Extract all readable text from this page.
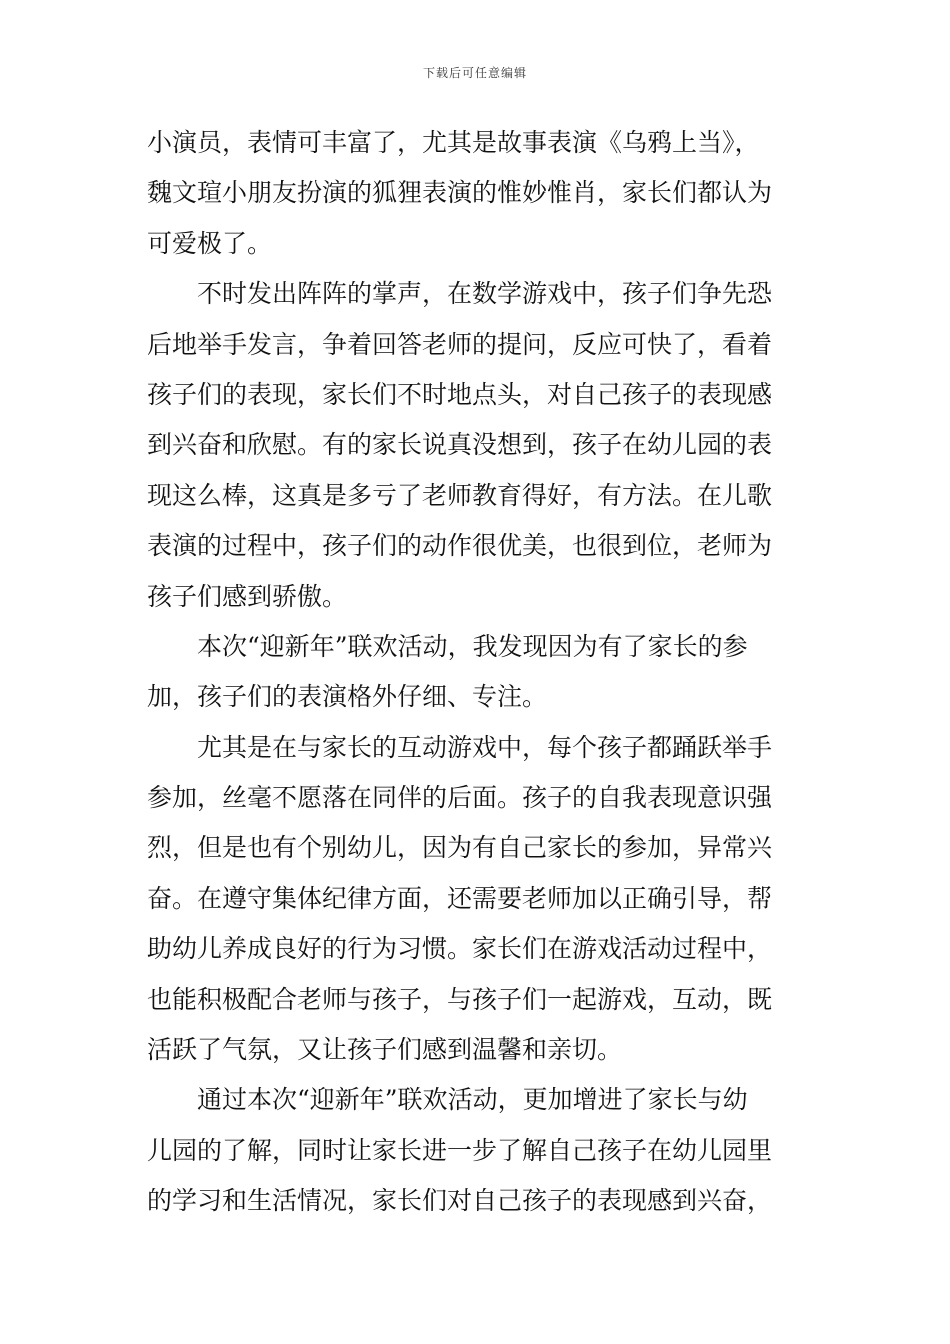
下载后可任意编辑
小演员，表情可丰富了，尤其是故事表演《乌鸦上当》，
魏文瑄小朋友扮演的狐狸表演的惟妙惟肖，家长们都认为
可爱极了。
　　不时发出阵阵的掌声，在数学游戏中，孩子们争先恐
后地举手发言，争着回答老师的提问，反应可快了，看着
孩子们的表现，家长们不时地点头，对自己孩子的表现感
到兴奋和欣慰。有的家长说真没想到，孩子在幼儿园的表
现这么棒，这真是多亏了老师教育得好，有方法。在儿歌
表演的过程中，孩子们的动作很优美，也很到位，老师为
孩子们感到骄傲。
　　本次“迎新年”联欢活动，我发现因为有了家长的参
加，孩子们的表演格外仔细、专注。
　　尤其是在与家长的互动游戏中，每个孩子都踊跃举手
参加，丝毫不愿落在同伴的后面。孩子的自我表现意识强
烈，但是也有个别幼儿，因为有自己家长的参加，异常兴
奋。在遵守集体纪律方面，还需要老师加以正确引导，帮
助幼儿养成良好的行为习惯。家长们在游戏活动过程中，
也能积极配合老师与孩子，与孩子们一起游戏，互动，既
活跃了气氛，又让孩子们感到温馨和亲切。
　　通过本次“迎新年”联欢活动，更加增进了家长与幼
儿园的了解，同时让家长进一步了解自己孩子在幼儿园里
的学习和生活情况，家长们对自己孩子的表现感到兴奋，
